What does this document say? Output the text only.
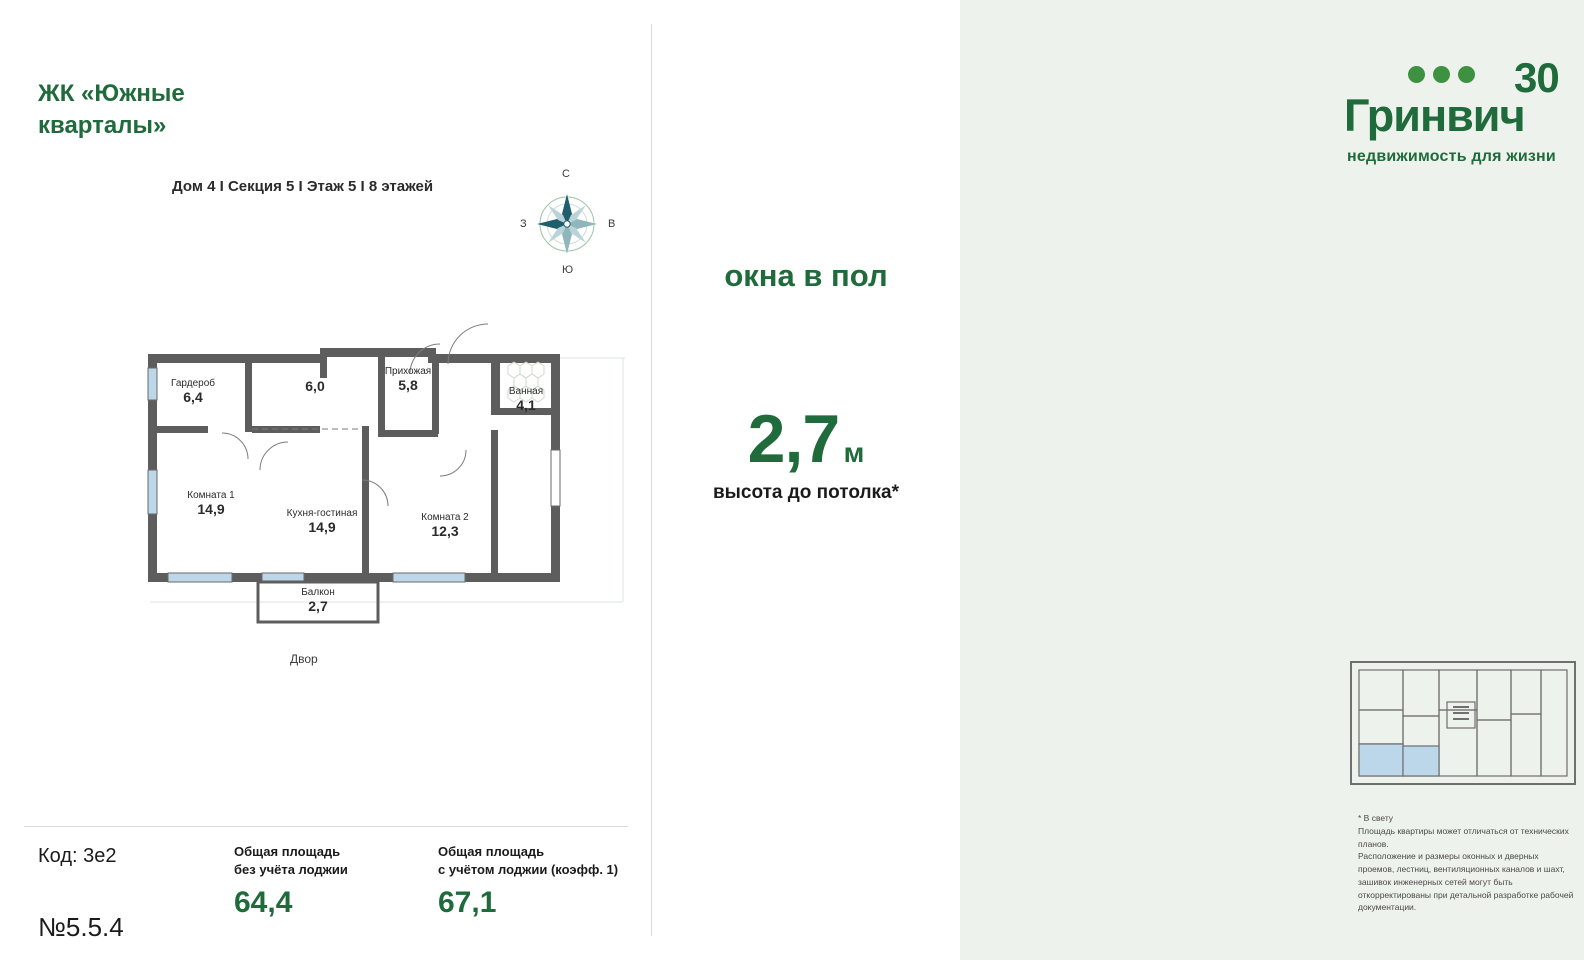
ЖК «Южные
кварталы»
Дом 4 I Секция 5 I Этаж 5 I 8 этажей
С
Ю
З	В
Гардероб
6,4
6,0
Прихожая
5,8	Ванная
4,1
Комната 1
14,9	Кухня-гостиная
14,9
Комната 2
12,3
Балкон
2,7
Двор
Код: 3e2
№5.5.4
Общая площадь
без учёта лоджии
64,4
Общая площадь
с учётом лоджии (коэфф. 1)
67,1
30
Гринвич
недвижимость для жизни
окна в пол
2,7 м
высота до потолка*
* В свету
Площадь квартиры может отличаться от технических планов.
Расположение и размеры оконных и дверных проемов, лестниц, вентиляционных каналов и шахт, зашивок инженерных сетей могут быть откорректированы при детальной разработке рабочей документации.
